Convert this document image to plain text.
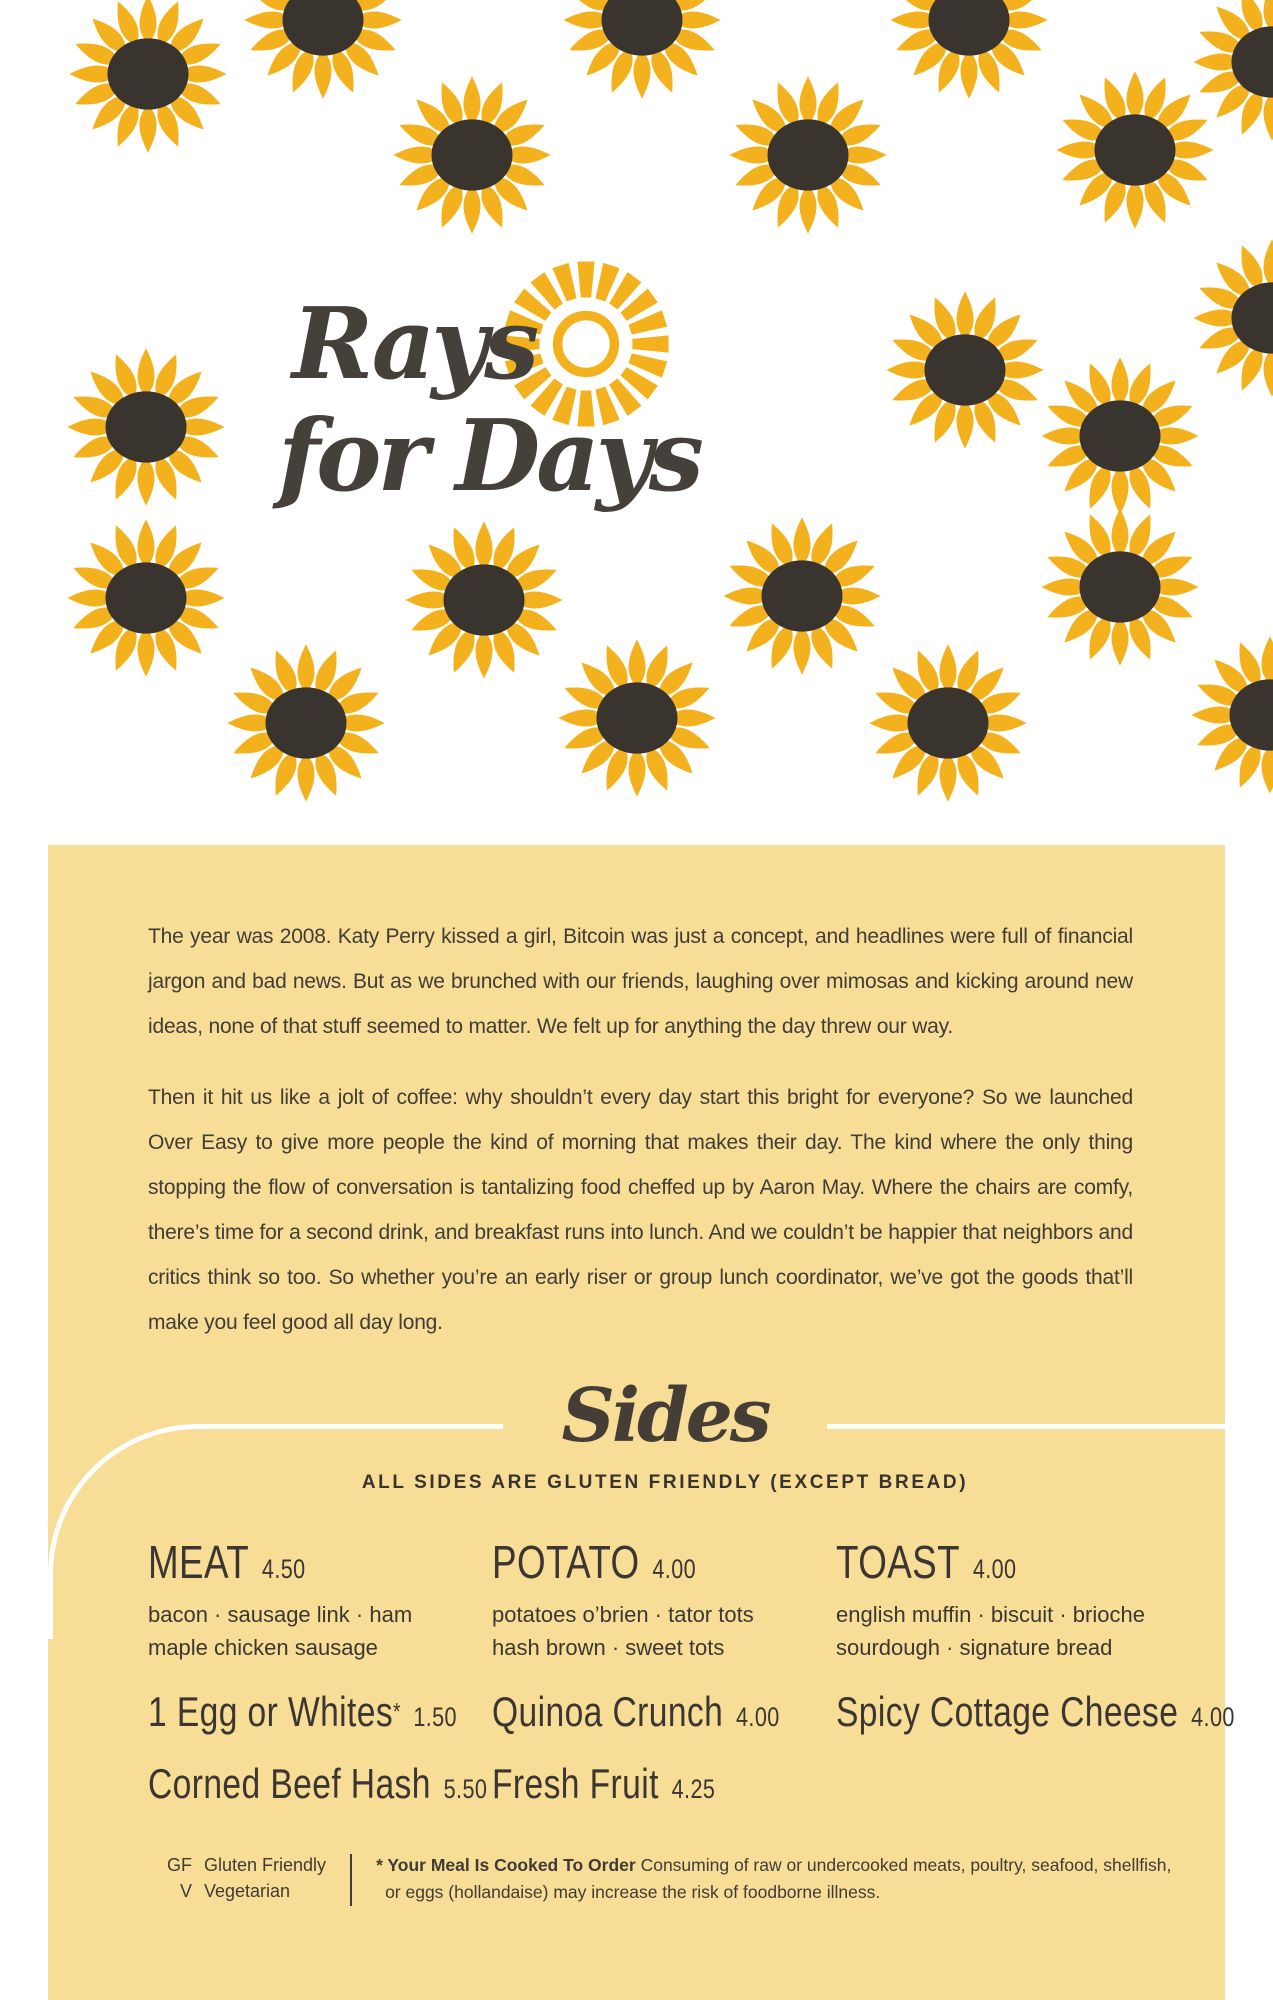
Rays
for Days

The year was 2008. Katy Perry kissed a girl, Bitcoin was just a concept, and headlines were full of financial jargon and bad news. But as we brunched with our friends, laughing over mimosas and kicking around new ideas, none of that stuff seemed to matter. We felt up for anything the day threw our way.

Then it hit us like a jolt of coffee: why shouldn’t every day start this bright for everyone? So we launched Over Easy to give more people the kind of morning that makes their day. The kind where the only thing stopping the flow of conversation is tantalizing food cheffed up by Aaron May. Where the chairs are comfy, there’s time for a second drink, and breakfast runs into lunch. And we couldn’t be happier that neighbors and critics think so too. So whether you’re an early riser or group lunch coordinator, we’ve got the goods that’ll make you feel good all day long.

Sides
ALL SIDES ARE GLUTEN FRIENDLY (EXCEPT BREAD)
MEAT 4.50

bacon · sausage link · ham

maple chicken sausage

POTATO 4.00

potatoes o’brien · tator tots

hash brown · sweet tots

TOAST 4.00

english muffin · biscuit · brioche

sourdough · signature bread

1 Egg or Whites* 1.50 Quinoa Crunch 4.00 Spicy Cottage Cheese 4.00
Corned Beef Hash 5.50 Fresh Fruit 4.25
GF Gluten Friendly
V Vegetarian
* Your Meal Is Cooked To Order Consuming of raw or undercooked meats, poultry, seafood, shellfish,
or eggs (hollandaise) may increase the risk of foodborne illness.
